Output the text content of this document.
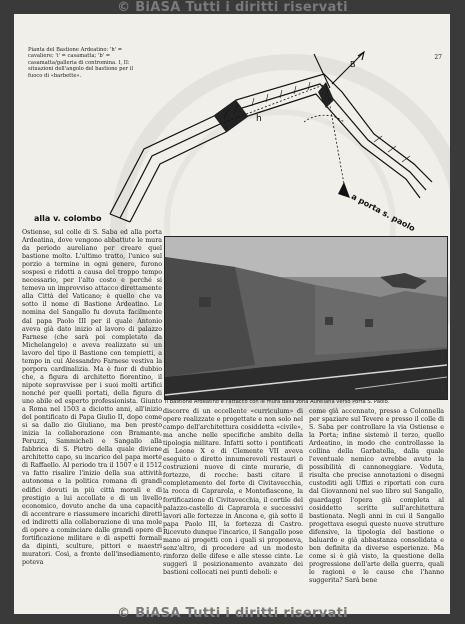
© BiASA Tutti i diritti riservati
27
Pianta del Bastione Ardeatino: 'h' = cavaliere; 'i' = casamatta; 'b' = casamatta/galleria di contromina. I, II: situazioni dell'angolo del bastione per il fuoco di «barbette».
alla v. colombo	a porta s. paolo
h
B
Il Bastione Ardeatino e l'attacco con le mura dalla zona Aureliana verso Porta S. Paolo.
Ostiense, sul colle di S. Saba ed alla porta Ardeatina, dove vengono abbattute le mura da periodo aureliano per creare quel bastione molto. L'ultimo tratto, l'unico sul porzio a termine in ogni genere, furono sospesi e ridotti a causa del troppo tempo necessario, per l'alto costo e perché si temeva un improvviso attacco direttamente alla Città del Vaticano; è quello che va sotto il nome di Bastione Ardeatino. Le nomina del Sangallo fu dovuta facilmente dal papa Paolo III per il quale Antonio aveva già dato inizio al lavoro di palazzo Farnese (che sarà poi completato da Michelangelo) e aveva realizzato su un lavoro del tipo il Bastione con tempietti, a tempo in cui Alessandro Farnese vestiva la porpora cardinalizia. Ma è fuor di dubbio che, a figura di architetto fiorentino, il nipote sopravvisse per i suoi molti artifici nonché per quelli portati, della figura di uno abile ed esperto professionista. Giunto a Roma nel 1503 a diciotto anni, all'inizio del pontificato di Papa Giulio II, dopo come si sa dallo zio Giuliano, ma ben presto inizia la collaborazione con Bramante, Peruzzi, Sammicheli e Sangallo alla fabbrica di S. Pietro della quale diviene architetto capo, su incarico del papa morte di Raffaello. Al periodo tra il 1507 e il 1512 va fatto risalire l'inizio della sua attività autonoma e la politica romana di grandi edifici dovuti in più città morali e di prestigio a lui accollate e di un livello economico, dovuto anche da una capacità di accentrare e riassumere incarichi diretti ed indiretti alla collaborazione di una mole di opere a cominciare dalle grandi opere di fortificazione militare e di aspetti formali da dipinti, sculture, pittori e maestri muratori. Così, a fronte dell'insediamento, poteva
discorre di un eccellente «curriculum» di opere realizzate e progettate e non solo nel campo dell'architettura cosiddetta «civile», ma anche nelle specifiche ambito della tipologia militare. Infatti sotto i pontificati di Leone X e di Clemente VII aveva eseguito o diretto innumerevoli restauri o costruzioni nuove di cinte murarie, di fortezze, di rocche: basti citare il completamento del forte di Civitavecchia, la rocca di Caprarola, e Montefiascone, la fortificazione di Civitavecchia, il cortile del palazzo-castello di Caprarola e successivi lavori alle fortezze in Ancona e, già sotto il papa Paolo III, la fortezza di Castro. Ricevuto dunque l'incarico, il Sangallo pose mano ai progetti con i quali si proponeva, senz'altro, di procedere ad un modesto rinforzo delle difese e alle stesse cinte. Le suggerì il posizionamento avanzato dei bastioni collocati nei punti deboli: e
come già accennato, presso a Colonnella per spaziare sul Tevere e presso il colle di S. Saba per controllare la via Ostiense e la Porta; infine sistemò il terzo, quello Ardeatino, in modo che controllasse la collina della Garbatella, dalla quale l'eventuale nemico avrebbe avuto la possibilità di cannoneggiare. Veduta, risulta che precise annotazioni o disegni custoditi agli Uffizi e riportati con cura dal Giovannoni nel suo libro sul Sangallo, guardaggi l'opera già completa al cosiddetto scritte sull'architettura bastionata. Negli anni in cui il Sangallo progettava eseguì queste nuove strutture difensive, la tipologia del bastione o baluardo e già abbastanza consolidata e ben definita da diverse esperienze. Ma come si è già visto, la questione della progressione dell'arte della guerra, quali le ragioni e le cause che l'hanno suggerita? Sarà bene
© BiASA Tutti i diritti riservati
